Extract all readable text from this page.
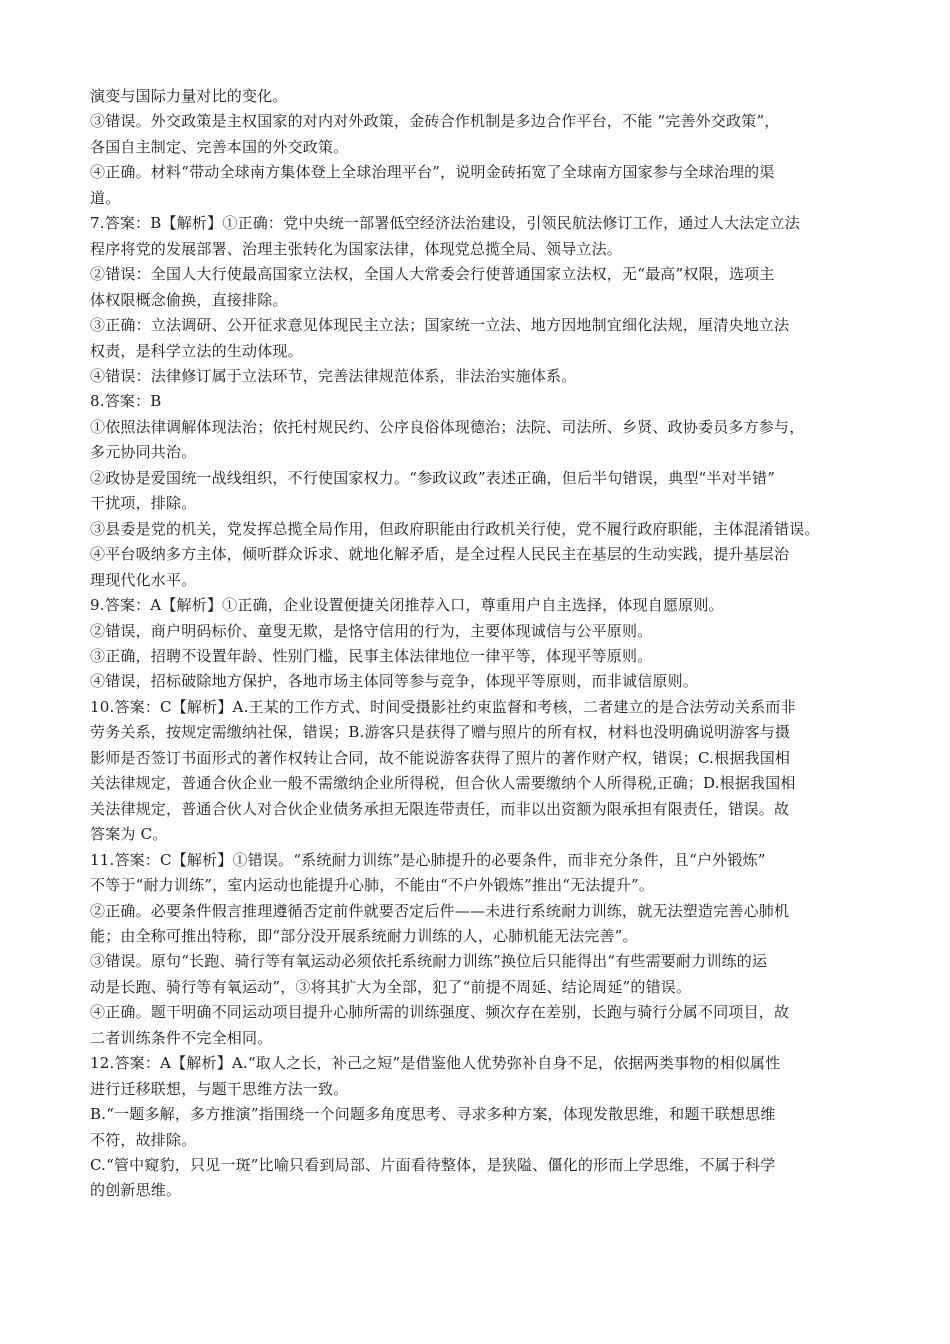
演变与国际力量对比的变化。
③错误。外交政策是主权国家的对内对外政策，金砖合作机制是多边合作平台，不能 “完善外交政策”，
各国自主制定、完善本国的外交政策。
④正确。材料“带动全球南方集体登上全球治理平台”，说明金砖拓宽了全球南方国家参与全球治理的渠
道。
7.答案：B【解析】①正确：党中央统一部署低空经济法治建设，引领民航法修订工作，通过人大法定立法
程序将党的发展部署、治理主张转化为国家法律，体现党总揽全局、领导立法。
②错误：全国人大行使最高国家立法权，全国人大常委会行使普通国家立法权，无“最高”权限，选项主
体权限概念偷换，直接排除。
③正确：立法调研、公开征求意见体现民主立法；国家统一立法、地方因地制宜细化法规，厘清央地立法
权责，是科学立法的生动体现。
④错误：法律修订属于立法环节，完善法律规范体系，非法治实施体系。
8.答案：B
①依照法律调解体现法治；依托村规民约、公序良俗体现德治；法院、司法所、乡贤、政协委员多方参与，
多元协同共治。
②政协是爱国统一战线组织，不行使国家权力。“参政议政”表述正确，但后半句错误，典型“半对半错”
干扰项，排除。
③县委是党的机关，党发挥总揽全局作用，但政府职能由行政机关行使，党不履行政府职能，主体混淆错误。
④平台吸纳多方主体，倾听群众诉求、就地化解矛盾，是全过程人民民主在基层的生动实践，提升基层治
理现代化水平。
9.答案：A【解析】①正确，企业设置便捷关闭推荐入口，尊重用户自主选择，体现自愿原则。
②错误，商户明码标价、童叟无欺，是恪守信用的行为，主要体现诚信与公平原则。
③正确，招聘不设置年龄、性别门槛，民事主体法律地位一律平等，体现平等原则。
④错误，招标破除地方保护，各地市场主体同等参与竞争，体现平等原则，而非诚信原则。
10.答案：C【解析】A.王某的工作方式、时间受摄影社约束监督和考核，二者建立的是合法劳动关系而非
劳务关系，按规定需缴纳社保，错误；B.游客只是获得了赠与照片的所有权，材料也没明确说明游客与摄
影师是否签订书面形式的著作权转让合同，故不能说游客获得了照片的著作财产权，错误；C.根据我国相
关法律规定，普通合伙企业一般不需缴纳企业所得税，但合伙人需要缴纳个人所得税,正确；D.根据我国相
关法律规定，普通合伙人对合伙企业债务承担无限连带责任，而非以出资额为限承担有限责任，错误。故
答案为 C。
11.答案：C【解析】①错误。“系统耐力训练”是心肺提升的必要条件，而非充分条件，且“户外锻炼”
不等于“耐力训练”，室内运动也能提升心肺，不能由“不户外锻炼”推出“无法提升”。
②正确。必要条件假言推理遵循否定前件就要否定后件——未进行系统耐力训练，就无法塑造完善心肺机
能；由全称可推出特称，即“部分没开展系统耐力训练的人，心肺机能无法完善”。
③错误。原句“长跑、骑行等有氧运动必须依托系统耐力训练”换位后只能得出“有些需要耐力训练的运
动是长跑、骑行等有氧运动”，③将其扩大为全部，犯了“前提不周延、结论周延”的错误。
④正确。题干明确不同运动项目提升心肺所需的训练强度、频次存在差别，长跑与骑行分属不同项目，故
二者训练条件不完全相同。
12.答案：A【解析】A.“取人之长，补己之短”是借鉴他人优势弥补自身不足，依据两类事物的相似属性
进行迁移联想，与题干思维方法一致。
B.“一题多解，多方推演”指围绕一个问题多角度思考、寻求多种方案，体现发散思维，和题干联想思维
不符，故排除。
C.“管中窥豹，只见一斑”比喻只看到局部、片面看待整体，是狭隘、僵化的形而上学思维，不属于科学
的创新思维。
